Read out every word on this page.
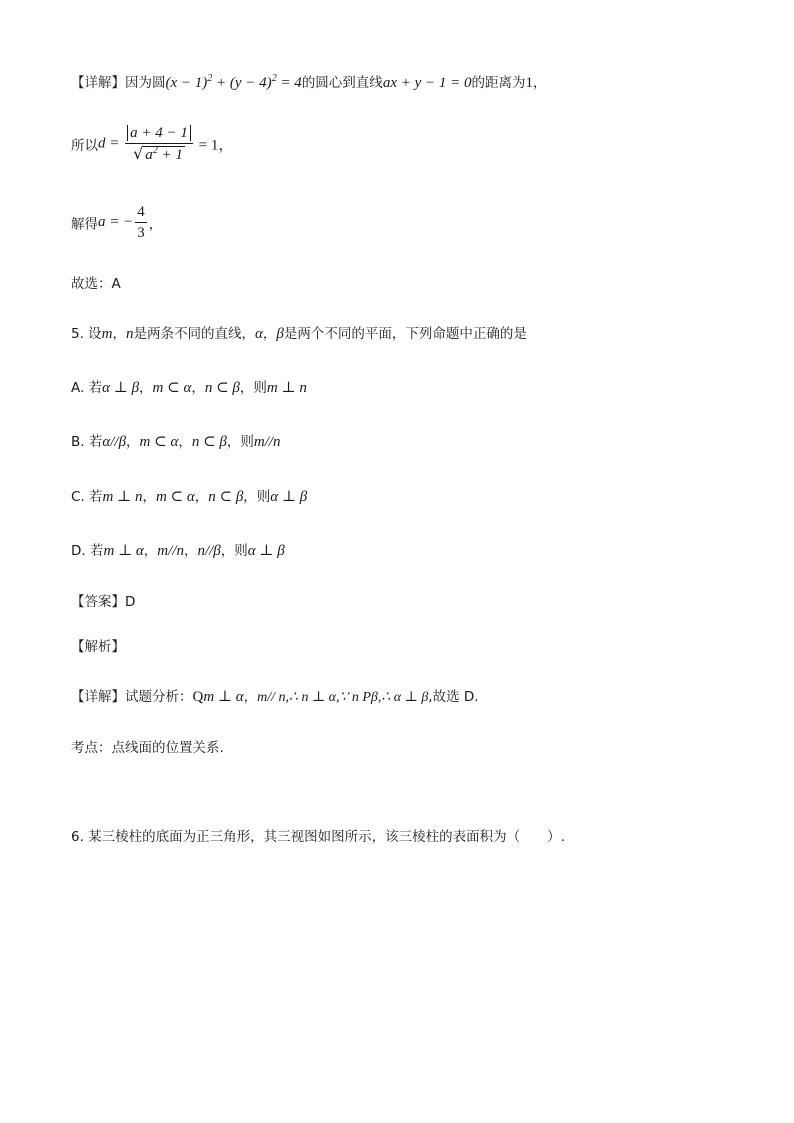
【详解】因为圆$(x - 1)^2 + (y - 4)^2 = 4$的圆心到直线ax + y − 1 = 0的距离为1，
所以$d = \frac{a + 4 - 1}{√ a^2 + 1} = 1$，
解得a = − $\frac{4}{3}$ ，
故选：A
5. 设m，n是两条不同的直线，α，β是两个不同的平面，下列命题中正确的是
A. 若α ⊥ β，m ⊂ α，n ⊂ β，则m ⊥ n
B. 若α//β，m ⊂ α，n ⊂ β，则m//n
C. 若m ⊥ n，m ⊂ α，n ⊂ β，则α ⊥ β
D. 若m ⊥ α，m//n，n//β，则α ⊥ β
【答案】D
【解析】
【详解】试题分析：Qm ⊥ α，m// n,∴ n ⊥ α,∵ n Pβ,∴ α ⊥ β,故选 D.
考点：点线面的位置关系.
6. 某三棱柱的底面为正三角形，其三视图如图所示，该三棱柱的表面积为（　　）.
